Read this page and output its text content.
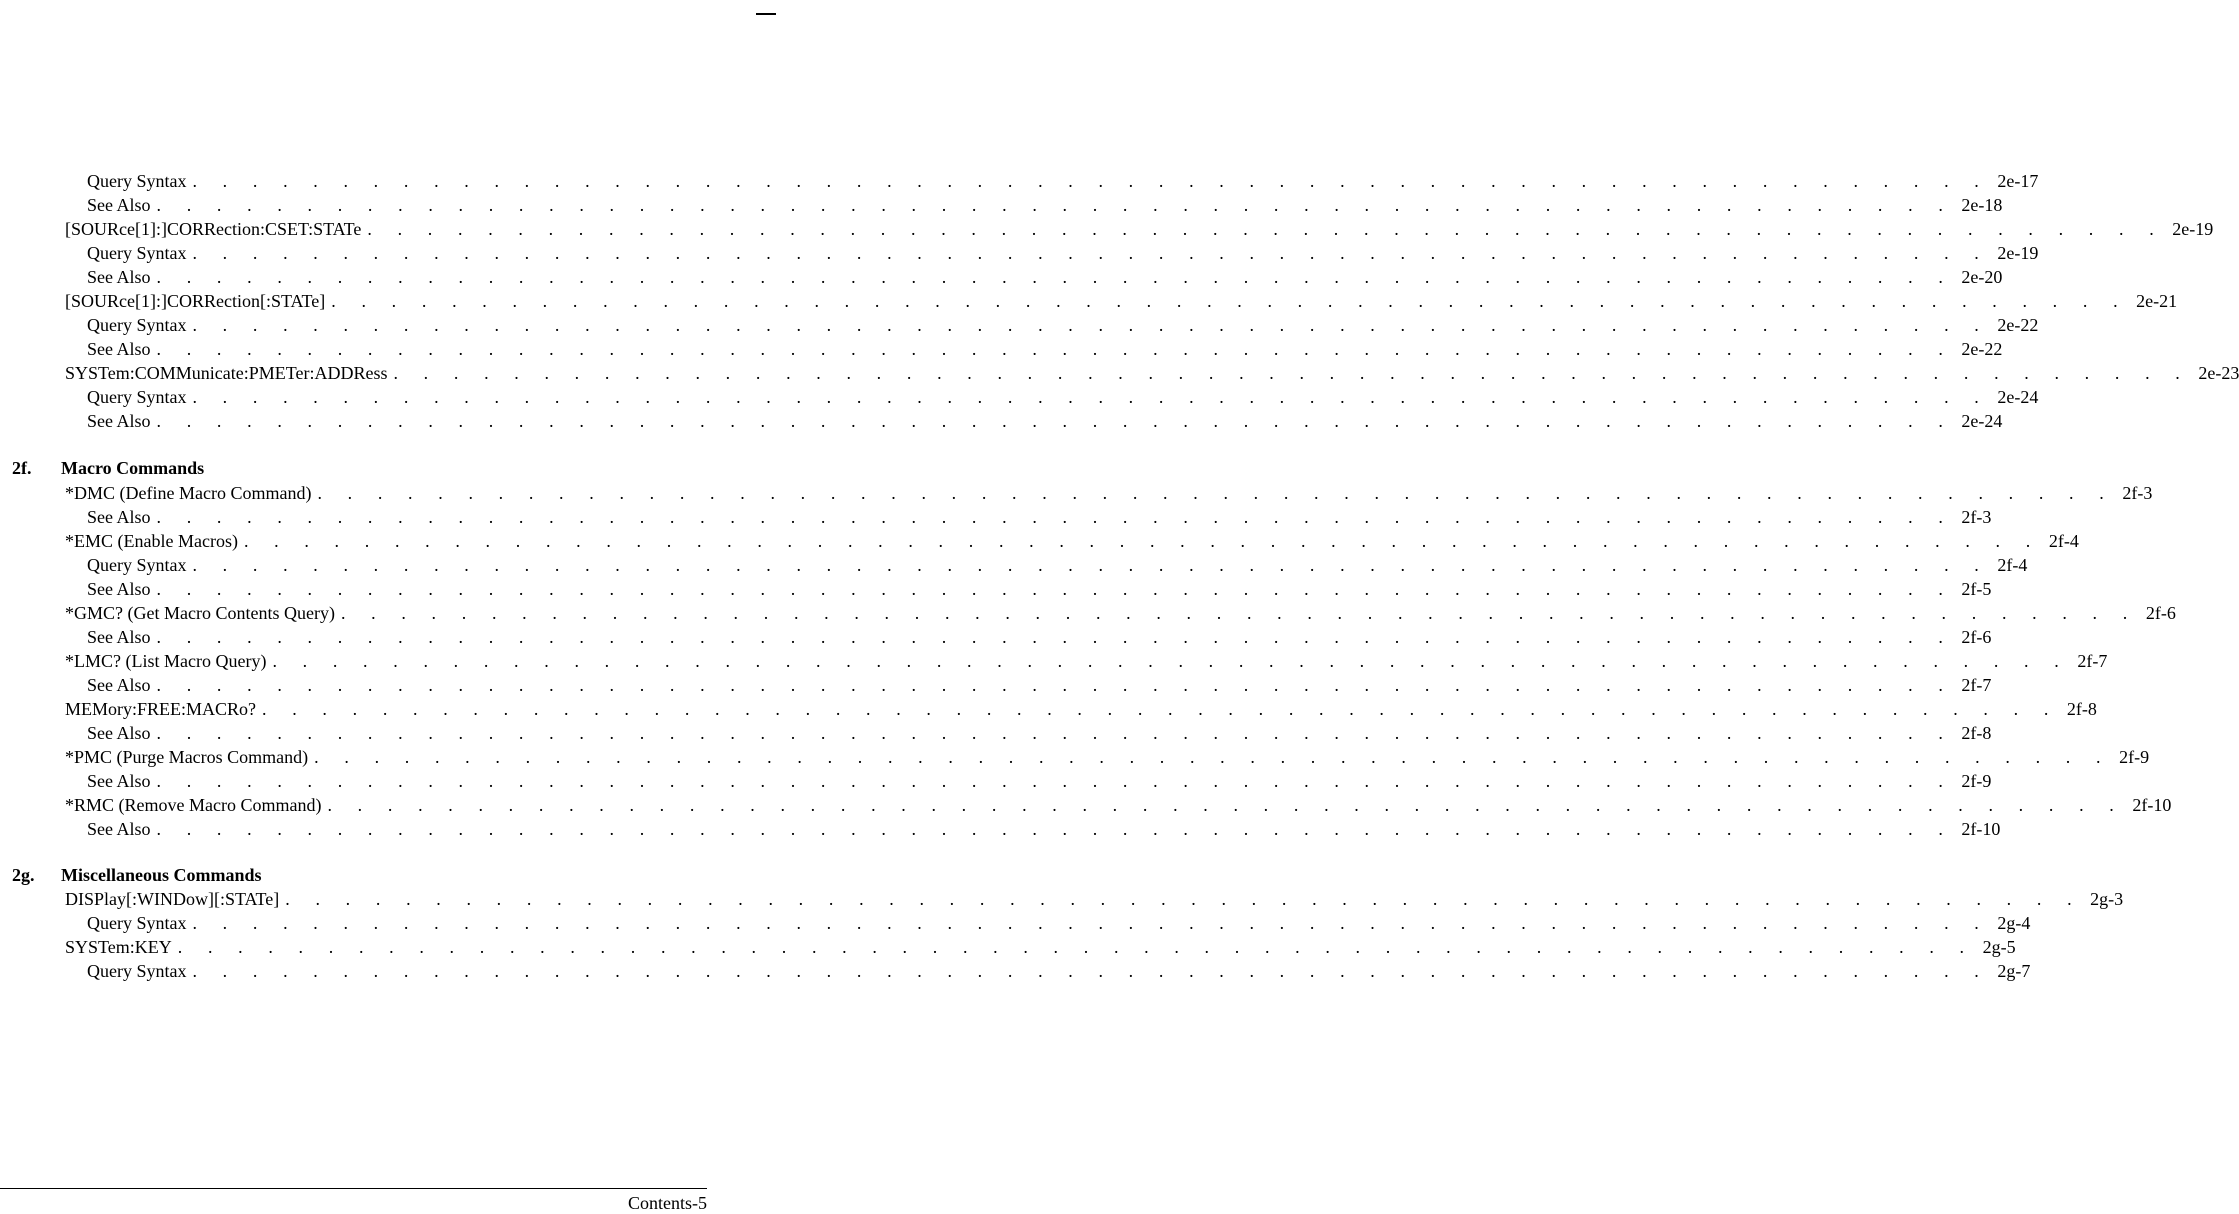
Query Syntax . . . . . . . . . . . . . . . . . . . . . . . . . . . . . . . . . . . . . . . . . . . . . . . . . . . . . . . . . . . . 2e-17
See Also . . . . . . . . . . . . . . . . . . . . . . . . . . . . . . . . . . . . . . . . . . . . . . . . . . . . . . . . . . . . 2e-18
[SOURce[1]:]CORRection:CSET:STATe . . . . . . . . . . . . . . . . . . . . . . . . . . . . . . . . . . . . . . . . . . . . . . . . . . . . . . . . . . . . 2e-19
Query Syntax . . . . . . . . . . . . . . . . . . . . . . . . . . . . . . . . . . . . . . . . . . . . . . . . . . . . . . . . . . . . 2e-19
See Also . . . . . . . . . . . . . . . . . . . . . . . . . . . . . . . . . . . . . . . . . . . . . . . . . . . . . . . . . . . . 2e-20
[SOURce[1]:]CORRection[:STATe] . . . . . . . . . . . . . . . . . . . . . . . . . . . . . . . . . . . . . . . . . . . . . . . . . . . . . . . . . . . . 2e-21
Query Syntax . . . . . . . . . . . . . . . . . . . . . . . . . . . . . . . . . . . . . . . . . . . . . . . . . . . . . . . . . . . . 2e-22
See Also . . . . . . . . . . . . . . . . . . . . . . . . . . . . . . . . . . . . . . . . . . . . . . . . . . . . . . . . . . . . 2e-22
SYSTem:COMMunicate:PMETer:ADDRess . . . . . . . . . . . . . . . . . . . . . . . . . . . . . . . . . . . . . . . . . . . . . . . . . . . . . . . . . . . . 2e-23
Query Syntax . . . . . . . . . . . . . . . . . . . . . . . . . . . . . . . . . . . . . . . . . . . . . . . . . . . . . . . . . . . . 2e-24
See Also . . . . . . . . . . . . . . . . . . . . . . . . . . . . . . . . . . . . . . . . . . . . . . . . . . . . . . . . . . . . 2e-24
2f. Macro Commands
*DMC (Define Macro Command) . . . . . . . . . . . . . . . . . . . . . . . . . . . . . . . . . . . . . . . . . . . . . . . . . . . . . . . . . . . . 2f-3
See Also . . . . . . . . . . . . . . . . . . . . . . . . . . . . . . . . . . . . . . . . . . . . . . . . . . . . . . . . . . . . 2f-3
*EMC (Enable Macros) . . . . . . . . . . . . . . . . . . . . . . . . . . . . . . . . . . . . . . . . . . . . . . . . . . . . . . . . . . . . 2f-4
Query Syntax . . . . . . . . . . . . . . . . . . . . . . . . . . . . . . . . . . . . . . . . . . . . . . . . . . . . . . . . . . . . 2f-4
See Also . . . . . . . . . . . . . . . . . . . . . . . . . . . . . . . . . . . . . . . . . . . . . . . . . . . . . . . . . . . . 2f-5
*GMC? (Get Macro Contents Query) . . . . . . . . . . . . . . . . . . . . . . . . . . . . . . . . . . . . . . . . . . . . . . . . . . . . . . . . . . . . 2f-6
See Also . . . . . . . . . . . . . . . . . . . . . . . . . . . . . . . . . . . . . . . . . . . . . . . . . . . . . . . . . . . . 2f-6
*LMC? (List Macro Query) . . . . . . . . . . . . . . . . . . . . . . . . . . . . . . . . . . . . . . . . . . . . . . . . . . . . . . . . . . . . 2f-7
See Also . . . . . . . . . . . . . . . . . . . . . . . . . . . . . . . . . . . . . . . . . . . . . . . . . . . . . . . . . . . . 2f-7
MEMory:FREE:MACRo? . . . . . . . . . . . . . . . . . . . . . . . . . . . . . . . . . . . . . . . . . . . . . . . . . . . . . . . . . . . . 2f-8
See Also . . . . . . . . . . . . . . . . . . . . . . . . . . . . . . . . . . . . . . . . . . . . . . . . . . . . . . . . . . . . 2f-8
*PMC (Purge Macros Command) . . . . . . . . . . . . . . . . . . . . . . . . . . . . . . . . . . . . . . . . . . . . . . . . . . . . . . . . . . . . 2f-9
See Also . . . . . . . . . . . . . . . . . . . . . . . . . . . . . . . . . . . . . . . . . . . . . . . . . . . . . . . . . . . . 2f-9
*RMC (Remove Macro Command) . . . . . . . . . . . . . . . . . . . . . . . . . . . . . . . . . . . . . . . . . . . . . . . . . . . . . . . . . . . . 2f-10
See Also . . . . . . . . . . . . . . . . . . . . . . . . . . . . . . . . . . . . . . . . . . . . . . . . . . . . . . . . . . . . 2f-10
2g. Miscellaneous Commands
DISPlay[:WINDow][:STATe] . . . . . . . . . . . . . . . . . . . . . . . . . . . . . . . . . . . . . . . . . . . . . . . . . . . . . . . . . . . . 2g-3
Query Syntax . . . . . . . . . . . . . . . . . . . . . . . . . . . . . . . . . . . . . . . . . . . . . . . . . . . . . . . . . . . . 2g-4
SYSTem:KEY . . . . . . . . . . . . . . . . . . . . . . . . . . . . . . . . . . . . . . . . . . . . . . . . . . . . . . . . . . . . 2g-5
Query Syntax . . . . . . . . . . . . . . . . . . . . . . . . . . . . . . . . . . . . . . . . . . . . . . . . . . . . . . . . . . . . 2g-7
Contents-5
